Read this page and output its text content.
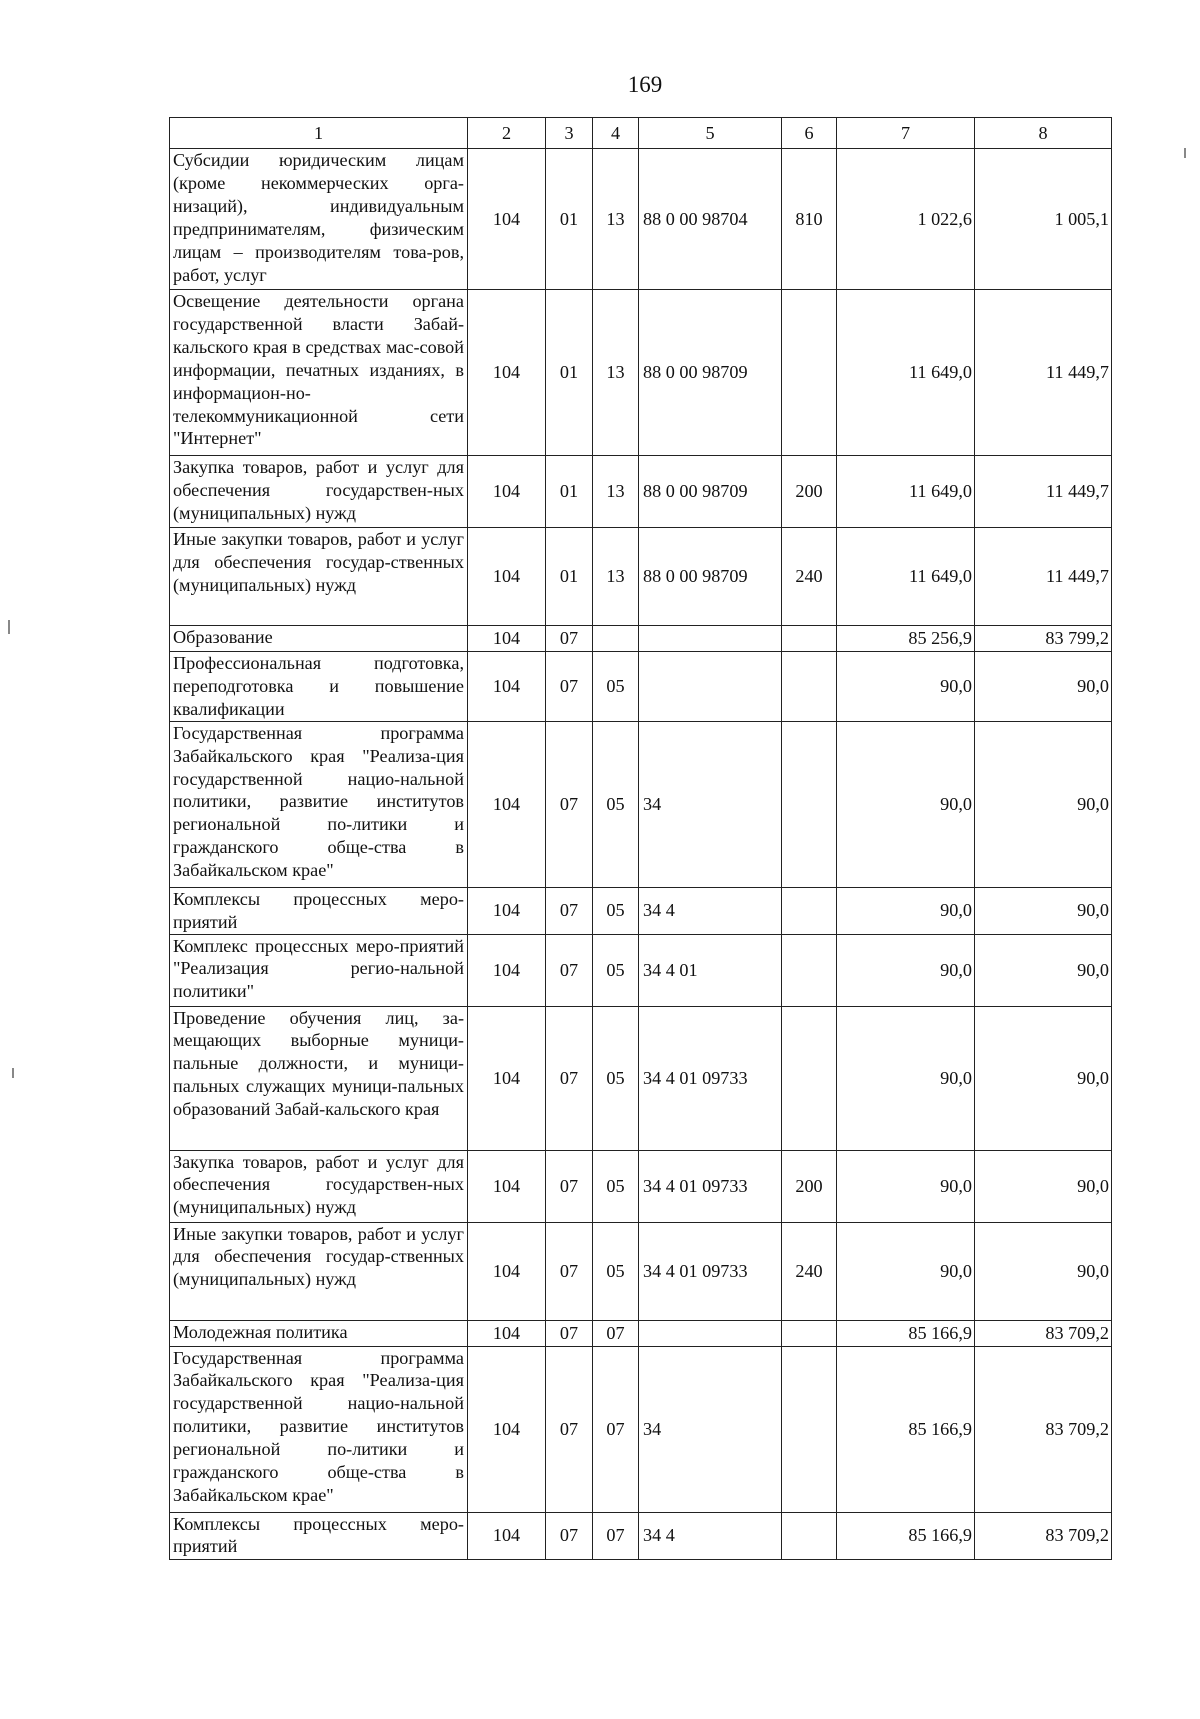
169
1	2	3	4	5	6	7	8
Субсидии юридическим лицам (кроме некоммерческих орга-низаций), индивидуальным предпринимателям, физическим лицам – производителям това-ров, работ, услуг	104	01	13	88 0 00 98704	810	1 022,6	1 005,1
Освещение деятельности органа государственной власти Забай-кальского края в средствах мас-совой информации, печатных изданиях, в информацион-но-телекоммуникационной сети "Интернет"	104	01	13	88 0 00 98709		11 649,0	11 449,7
Закупка товаров, работ и услуг для обеспечения государствен-ных (муниципальных) нужд	104	01	13	88 0 00 98709	200	11 649,0	11 449,7
Иные закупки товаров, работ и услуг для обеспечения государ-ственных (муниципальных) нужд	104	01	13	88 0 00 98709	240	11 649,0	11 449,7
Образование	104	07				85 256,9	83 799,2
Профессиональная подготовка, переподготовка и повышение квалификации	104	07	05			90,0	90,0
Государственная программа Забайкальского края "Реализа-ция государственной нацио-нальной политики, развитие институтов региональной по-литики и гражданского обще-ства в Забайкальском крае"	104	07	05	34		90,0	90,0
Комплексы процессных меро-приятий	104	07	05	34 4		90,0	90,0
Комплекс процессных меро-приятий "Реализация регио-нальной политики"	104	07	05	34 4 01		90,0	90,0
Проведение обучения лиц, за-мещающих выборные муници-пальные должности, и муници-пальных служащих муници-пальных образований Забай-кальского края	104	07	05	34 4 01 09733		90,0	90,0
Закупка товаров, работ и услуг для обеспечения государствен-ных (муниципальных) нужд	104	07	05	34 4 01 09733	200	90,0	90,0
Иные закупки товаров, работ и услуг для обеспечения государ-ственных (муниципальных) нужд	104	07	05	34 4 01 09733	240	90,0	90,0
Молодежная политика	104	07	07			85 166,9	83 709,2
Государственная программа Забайкальского края "Реализа-ция государственной нацио-нальной политики, развитие институтов региональной по-литики и гражданского обще-ства в Забайкальском крае"	104	07	07	34		85 166,9	83 709,2
Комплексы процессных меро-приятий	104	07	07	34 4		85 166,9	83 709,2
